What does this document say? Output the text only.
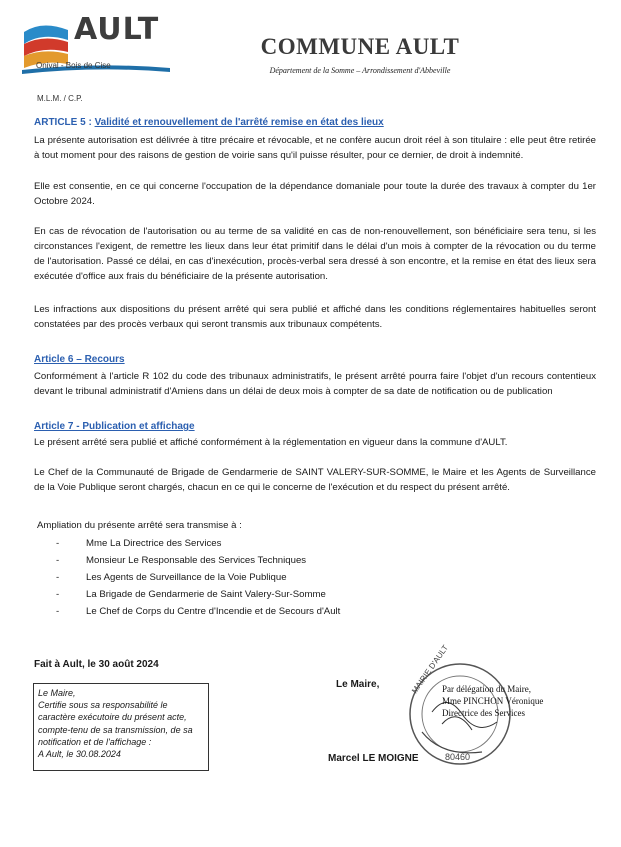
AULT
Onival - Bois de Cise
COMMUNE AULT
Département de la Somme – Arrondissement d'Abbeville
M.L.M. / C.P.
ARTICLE 5 : Validité et renouvellement de l'arrêté remise en état des lieux
La présente autorisation est délivrée à titre précaire et révocable, et ne confère aucun droit réel à son titulaire : elle peut être retirée à tout moment pour des raisons de gestion de voirie sans qu'il puisse résulter, pour ce dernier, de droit à indemnité.
Elle est consentie, en ce qui concerne l'occupation de la dépendance domaniale pour toute la durée des travaux à compter du 1er Octobre 2024.
En cas de révocation de l'autorisation ou au terme de sa validité en cas de non-renouvellement, son bénéficiaire sera tenu, si les circonstances l'exigent, de remettre les lieux dans leur état primitif dans le délai d'un mois à compter de la révocation ou du terme de l'autorisation. Passé ce délai, en cas d'inexécution, procès-verbal sera dressé à son encontre, et la remise en état des lieux sera exécutée d'office aux frais du bénéficiaire de la présente autorisation.
Les infractions aux dispositions du présent arrêté qui sera publié et affiché dans les conditions réglementaires habituelles seront constatées par des procès verbaux qui seront transmis aux tribunaux compétents.
Article 6 – Recours
Conformément à l'article R 102 du code des tribunaux administratifs, le présent arrêté pourra faire l'objet d'un recours contentieux devant le tribunal administratif d'Amiens dans un délai de deux mois à compter de sa date de notification ou de publication
Article 7 - Publication et affichage
Le présent arrêté sera publié et affiché conformément à la réglementation en vigueur dans la commune d'AULT.
Le Chef de la Communauté de Brigade de Gendarmerie de SAINT VALERY-SUR-SOMME, le Maire et les Agents de Surveillance de la Voie Publique seront chargés, chacun en ce qui le concerne de l'exécution et du respect du présent arrêté.
Ampliation du présente arrêté sera transmise à :
-	Mme La Directrice des Services
-	Monsieur Le Responsable des Services Techniques
-	Les Agents de Surveillance de la Voie Publique
-	La Brigade de Gendarmerie de Saint Valery-Sur-Somme
-	Le Chef de Corps du Centre d'Incendie et de Secours d'Ault
Fait à Ault, le 30 août 2024
Le Maire,
Le Maire,
Certifie sous sa responsabilité le
caractère exécutoire du présent acte,
compte-tenu de sa transmission, de sa
notification et de l'affichage :
A Ault, le 30.08.2024
MAIRIE D'AULT
80460
Par délégation du Maire,
Mme PINCHON Véronique
Directrice des Services
Marcel LE MOIGNE
